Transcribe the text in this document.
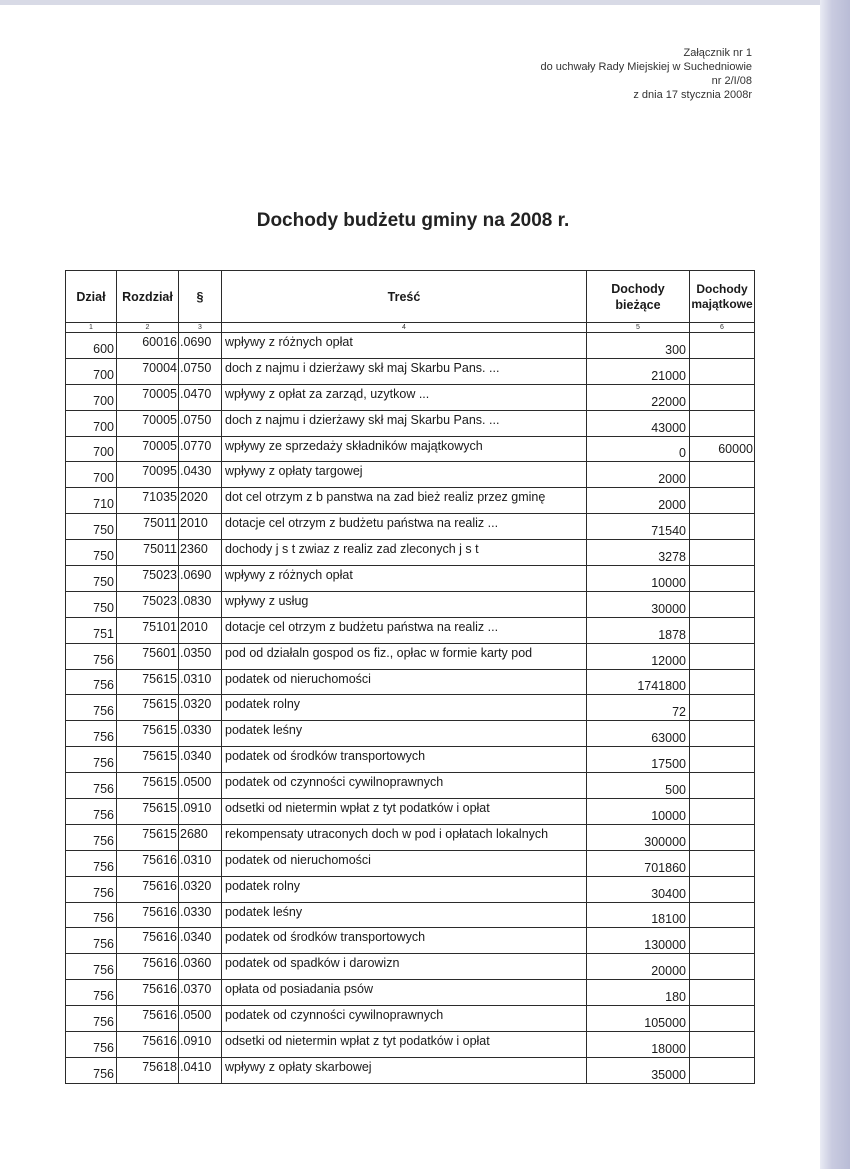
Załącznik nr 1
do uchwały Rady Miejskiej w Suchedniowie
nr 2/I/08
z dnia 17 stycznia 2008r
Dochody budżetu gminy na 2008 r.
Dział	Rozdział	§	Treść	Dochody bieżące	Dochody majątkowe
1	2	3	4	5	6
600	60016	.0690	wpływy z różnych opłat	300	
700	70004	.0750	doch z najmu i dzierżawy skł maj Skarbu Pans. ...	21000	
700	70005	.0470	wpływy z opłat za zarząd, uzytkow ...	22000	
700	70005	.0750	doch z najmu i dzierżawy skł maj Skarbu Pans. ...	43000	
700	70005	.0770	wpływy ze sprzedaży składników majątkowych	0	60000
700	70095	.0430	wpływy z opłaty targowej	2000	
710	71035	2020	dot cel otrzym z b panstwa na zad bież realiz przez gminę	2000	
750	75011	2010	dotacje cel otrzym z budżetu państwa na realiz ...	71540	
750	75011	2360	dochody j s t zwiaz z realiz zad zleconych j s t	3278	
750	75023	.0690	wpływy z różnych opłat	10000	
750	75023	.0830	wpływy z usług	30000	
751	75101	2010	dotacje cel otrzym z budżetu państwa na realiz ...	1878	
756	75601	.0350	pod od działaln gospod os fiz., opłac w formie karty pod	12000	
756	75615	.0310	podatek od nieruchomości	1741800	
756	75615	.0320	podatek rolny	72	
756	75615	.0330	podatek leśny	63000	
756	75615	.0340	podatek od środków transportowych	17500	
756	75615	.0500	podatek od czynności cywilnoprawnych	500	
756	75615	.0910	odsetki od nietermin wpłat z tyt podatków i opłat	10000	
756	75615	2680	rekompensaty utraconych doch w pod i opłatach lokalnych	300000	
756	75616	.0310	podatek od nieruchomości	701860	
756	75616	.0320	podatek rolny	30400	
756	75616	.0330	podatek leśny	18100	
756	75616	.0340	podatek od środków transportowych	130000	
756	75616	.0360	podatek od spadków i darowizn	20000	
756	75616	.0370	opłata od posiadania psów	180	
756	75616	.0500	podatek od czynności cywilnoprawnych	105000	
756	75616	.0910	odsetki od nietermin wpłat z tyt podatków i opłat	18000	
756	75618	.0410	wpływy z opłaty skarbowej	35000	
